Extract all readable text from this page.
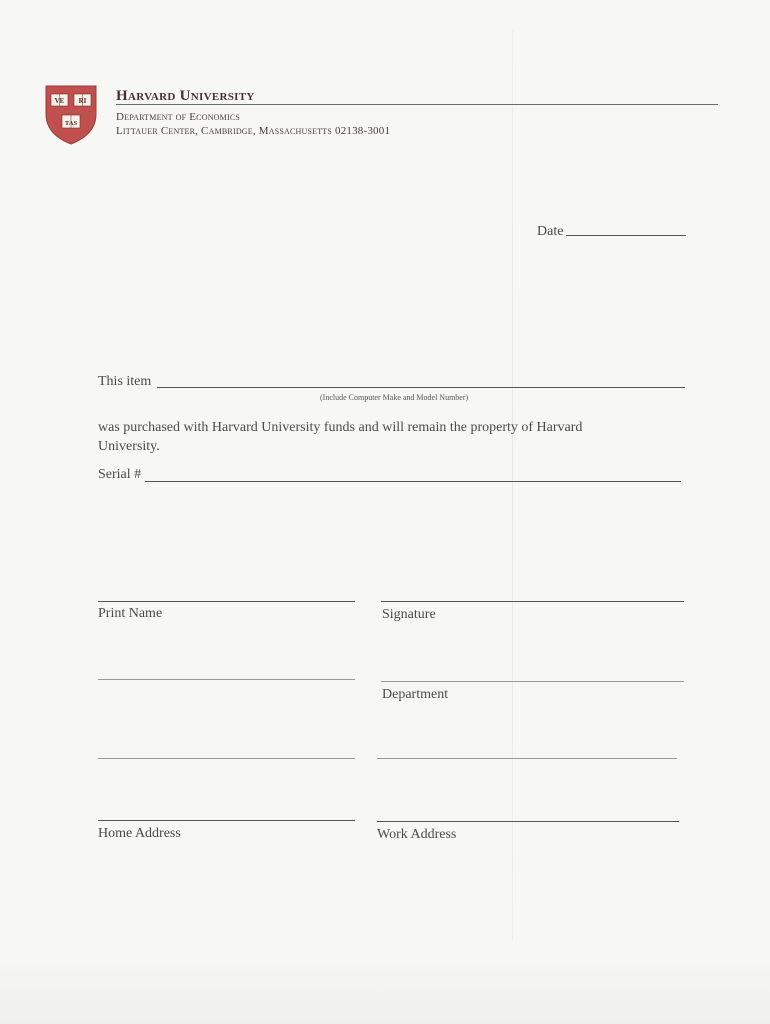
VE RI
TAS
Harvard University
Department of Economics
Littauer Center, Cambridge, Massachusetts 02138-3001
Date
This item
(Include Computer Make and Model Number)
was purchased with Harvard University funds and will remain the property of Harvard University.
Serial #
Print Name	Signature
Department
Home Address	Work Address
